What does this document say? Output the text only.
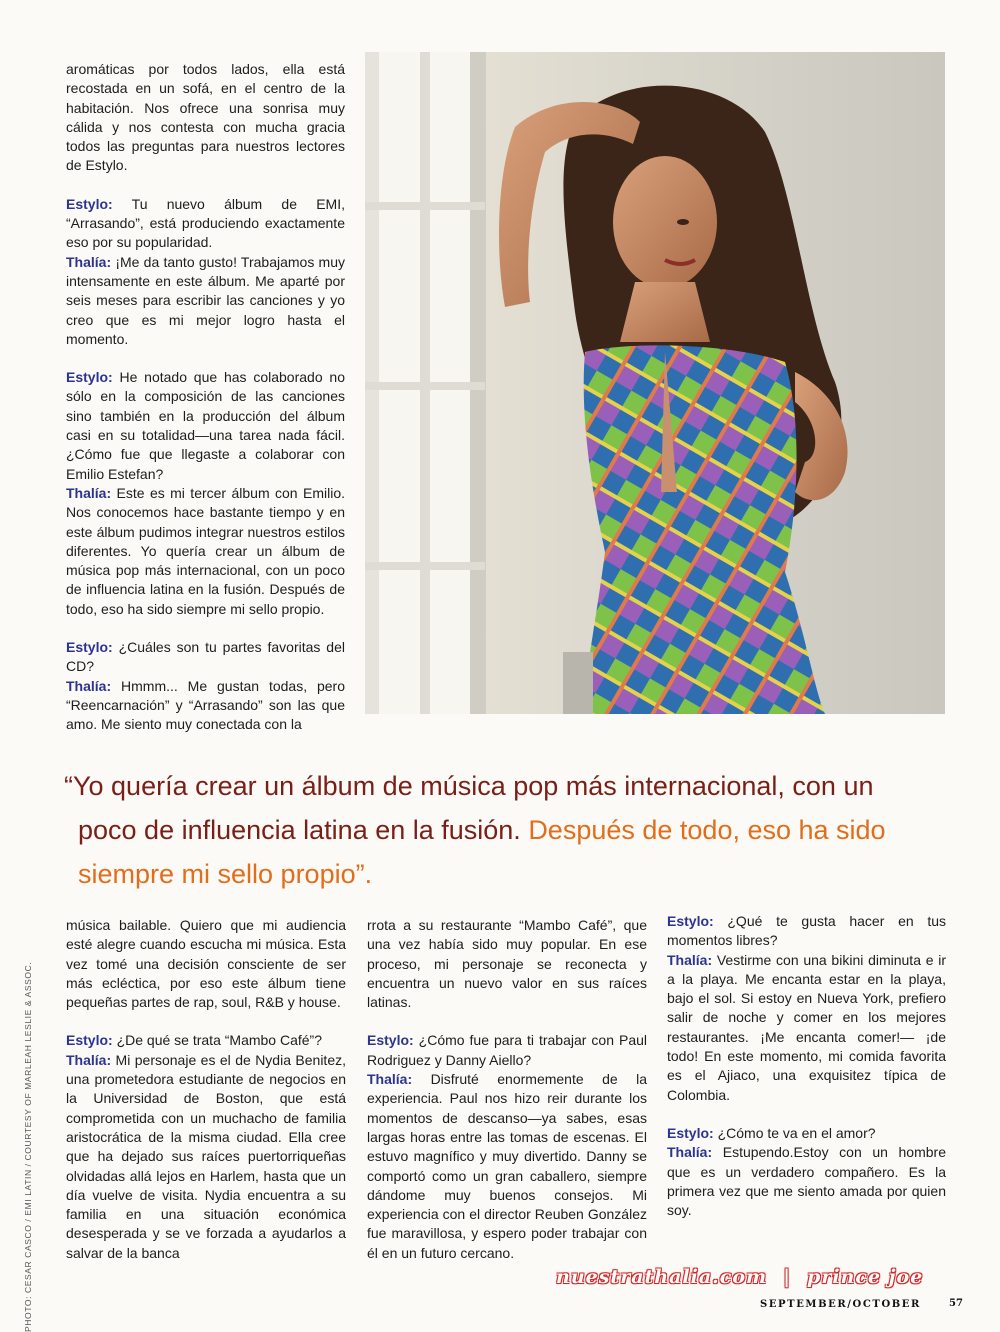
aromáticas por todos lados, ella está recostada en un sofá, en el centro de la habitación. Nos ofrece una sonrisa muy cálida y nos contesta con mucha gracia todos las preguntas para nuestros lectores de Estylo.

Estylo: Tu nuevo álbum de EMI, “Arrasando”, está produciendo exactamente eso por su popularidad.

Thalía: ¡Me da tanto gusto! Trabajamos muy intensamente en este álbum. Me aparté por seis meses para escribir las canciones y yo creo que es mi mejor logro hasta el momento.

Estylo: He notado que has colaborado no sólo en la composición de las canciones sino también en la producción del álbum casi en su totalidad—una tarea nada fácil. ¿Cómo fue que llegaste a colaborar con Emilio Estefan?

Thalía: Este es mi tercer álbum con Emilio. Nos conocemos hace bastante tiempo y en este álbum pudimos integrar nuestros estilos diferentes. Yo quería crear un álbum de música pop más internacional, con un poco de influencia latina en la fusión. Después de todo, eso ha sido siempre mi sello propio.

Estylo: ¿Cuáles son tu partes favoritas del CD?

Thalía: Hmmm... Me gustan todas, pero “Reencarnación” y “Arrasando” son las que amo. Me siento muy conectada con la

“Yo quería crear un álbum de música pop más internacional, con un
poco de influencia latina en la fusión. Después de todo, eso ha sido
siempre mi sello propio”.
PHOTO: CESAR CASCO / EMI LATIN / COURTESY OF MARLEAH LESLIE & ASSOC.

música bailable. Quiero que mi audiencia esté alegre cuando escucha mi música. Esta vez tomé una decisión consciente de ser más ecléctica, por eso este álbum tiene pequeñas partes de rap, soul, R&B y house.

Estylo: ¿De qué se trata “Mambo Café”?

Thalía: Mi personaje es el de Nydia Benitez, una prometedora estudiante de negocios en la Universidad de Boston, que está comprometida con un muchacho de familia aristocrática de la misma ciudad. Ella cree que ha dejado sus raíces puertorriqueñas olvidadas allá lejos en Harlem, hasta que un día vuelve de visita. Nydia encuentra a su familia en una situación económica desesperada y se ve forzada a ayudarlos a salvar de la banca

rrota a su restaurante “Mambo Café”, que una vez había sido muy popular. En ese proceso, mi personaje se reconecta y encuentra un nuevo valor en sus raíces latinas.

Estylo: ¿Cómo fue para ti trabajar con Paul Rodriguez y Danny Aiello?

Thalía: Disfruté enormemente de la experiencia. Paul nos hizo reir durante los momentos de descanso—ya sabes, esas largas horas entre las tomas de escenas. El estuvo magnífico y muy divertido. Danny se comportó como un gran caballero, siempre dándome muy buenos consejos. Mi experiencia con el director Reuben González fue maravillosa, y espero poder trabajar con él en un futuro cercano.

Estylo: ¿Qué te gusta hacer en tus momentos libres?

Thalía: Vestirme con una bikini diminuta e ir a la playa. Me encanta estar en la playa, bajo el sol. Si estoy en Nueva York, prefiero salir de noche y comer en los mejores restaurantes. ¡Me encanta comer!— ¡de todo! En este momento, mi comida favorita es el Ajiaco, una exquisitez típica de Colombia.

Estylo: ¿Cómo te va en el amor?

Thalía: Estupendo.Estoy con un hombre que es un verdadero compañero. Es la primera vez que me siento amada por quien soy.

nuestrathalia.com | prince joe
SEPTEMBER/OCTOBER	57
